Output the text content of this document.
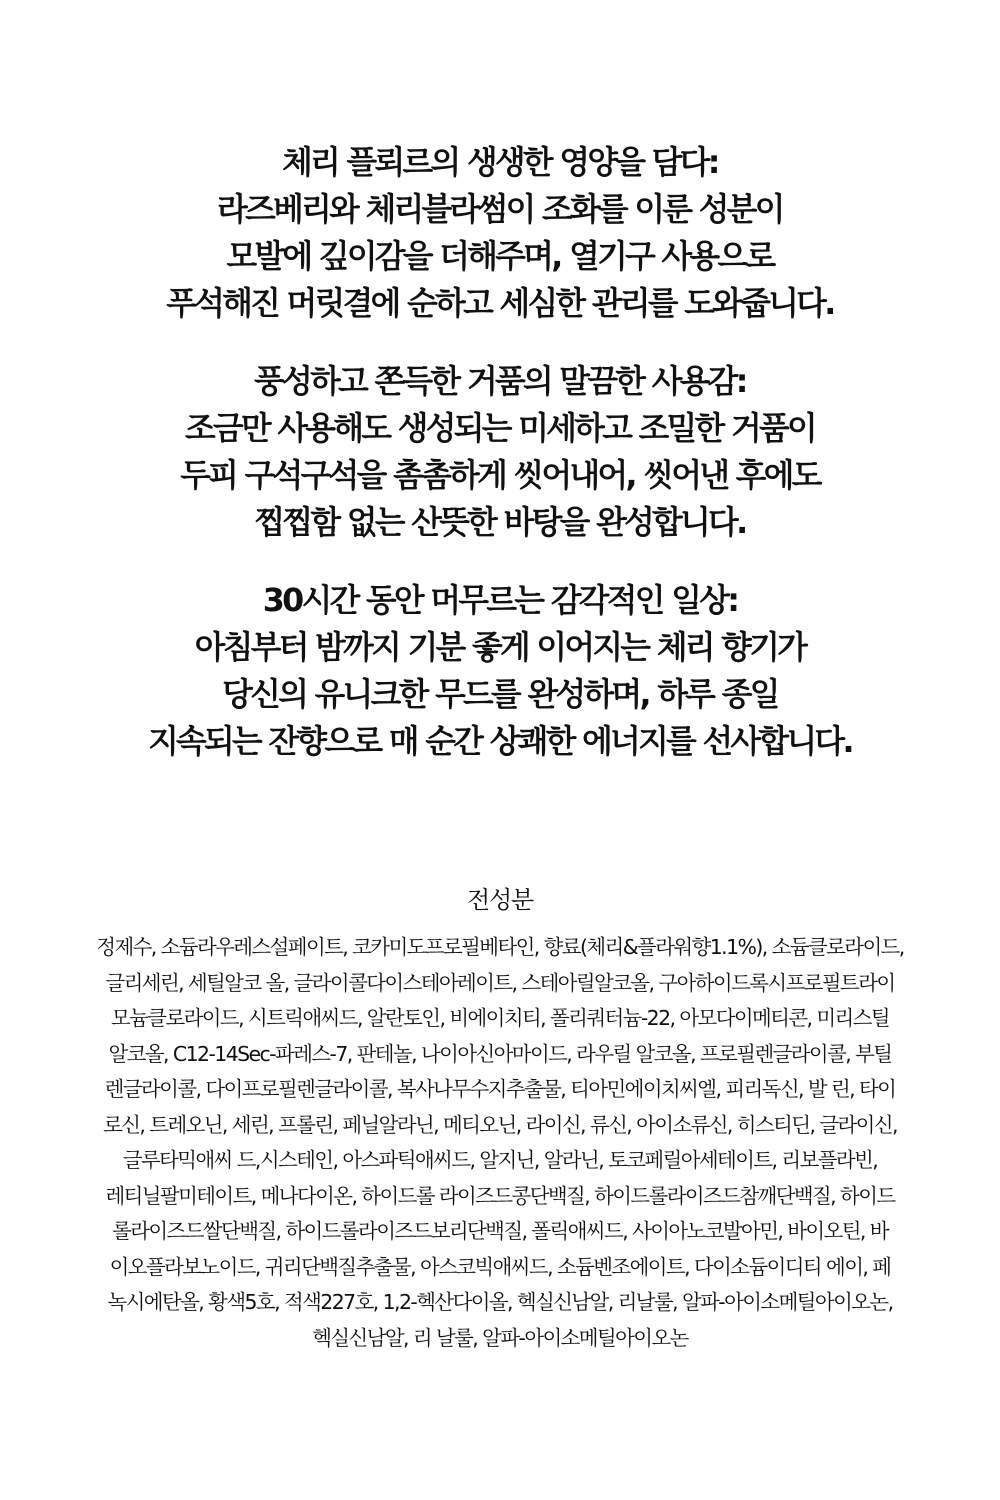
체리 플뢰르의 생생한 영양을 담다:
라즈베리와 체리블라썸이 조화를 이룬 성분이
모발에 깊이감을 더해주며, 열기구 사용으로
푸석해진 머릿결에 순하고 세심한 관리를 도와줍니다.
풍성하고 쫀득한 거품의 말끔한 사용감:
조금만 사용해도 생성되는 미세하고 조밀한 거품이
두피 구석구석을 촘촘하게 씻어내어, 씻어낸 후에도
찝찝함 없는 산뜻한 바탕을 완성합니다.
30시간 동안 머무르는 감각적인 일상:
아침부터 밤까지 기분 좋게 이어지는 체리 향기가
당신의 유니크한 무드를 완성하며, 하루 종일
지속되는 잔향으로 매 순간 상쾌한 에너지를 선사합니다.
전성분
정제수, 소듐라우레스설페이트, 코카미도프로필베타인, 향료(체리&플라워향1.1%), 소듐클로라이드,
글리세린, 세틸알코 올, 글라이콜다이스테아레이트, 스테아릴알코올, 구아하이드록시프로필트라이
모늄클로라이드, 시트릭애씨드, 알란토인, 비에이치티, 폴리쿼터늄-22, 아모다이메티콘, 미리스틸
알코올, C12-14Sec-파레스-7, 판테놀, 나이아신아마이드, 라우릴 알코올, 프로필렌글라이콜, 부틸
렌글라이콜, 다이프로필렌글라이콜, 복사나무수지추출물, 티아민에이치씨엘, 피리독신, 발 린, 타이
로신, 트레오닌, 세린, 프롤린, 페닐알라닌, 메티오닌, 라이신, 류신, 아이소류신, 히스티딘, 글라이신,
글루타믹애씨 드,시스테인, 아스파틱애씨드, 알지닌, 알라닌, 토코페릴아세테이트, 리보플라빈,
레티닐팔미테이트, 메나다이온, 하이드롤 라이즈드콩단백질, 하이드롤라이즈드참깨단백질, 하이드
롤라이즈드쌀단백질, 하이드롤라이즈드보리단백질, 폴릭애씨드, 사이아노코발아민, 바이오틴, 바
이오플라보노이드, 귀리단백질추출물, 아스코빅애씨드, 소듐벤조에이트, 다이소듐이디티 에이, 페
녹시에탄올, 황색5호, 적색227호, 1,2-헥산다이올, 헥실신남알, 리날룰, 알파-아이소메틸아이오논,
헥실신남알, 리 날룰, 알파-아이소메틸아이오논
